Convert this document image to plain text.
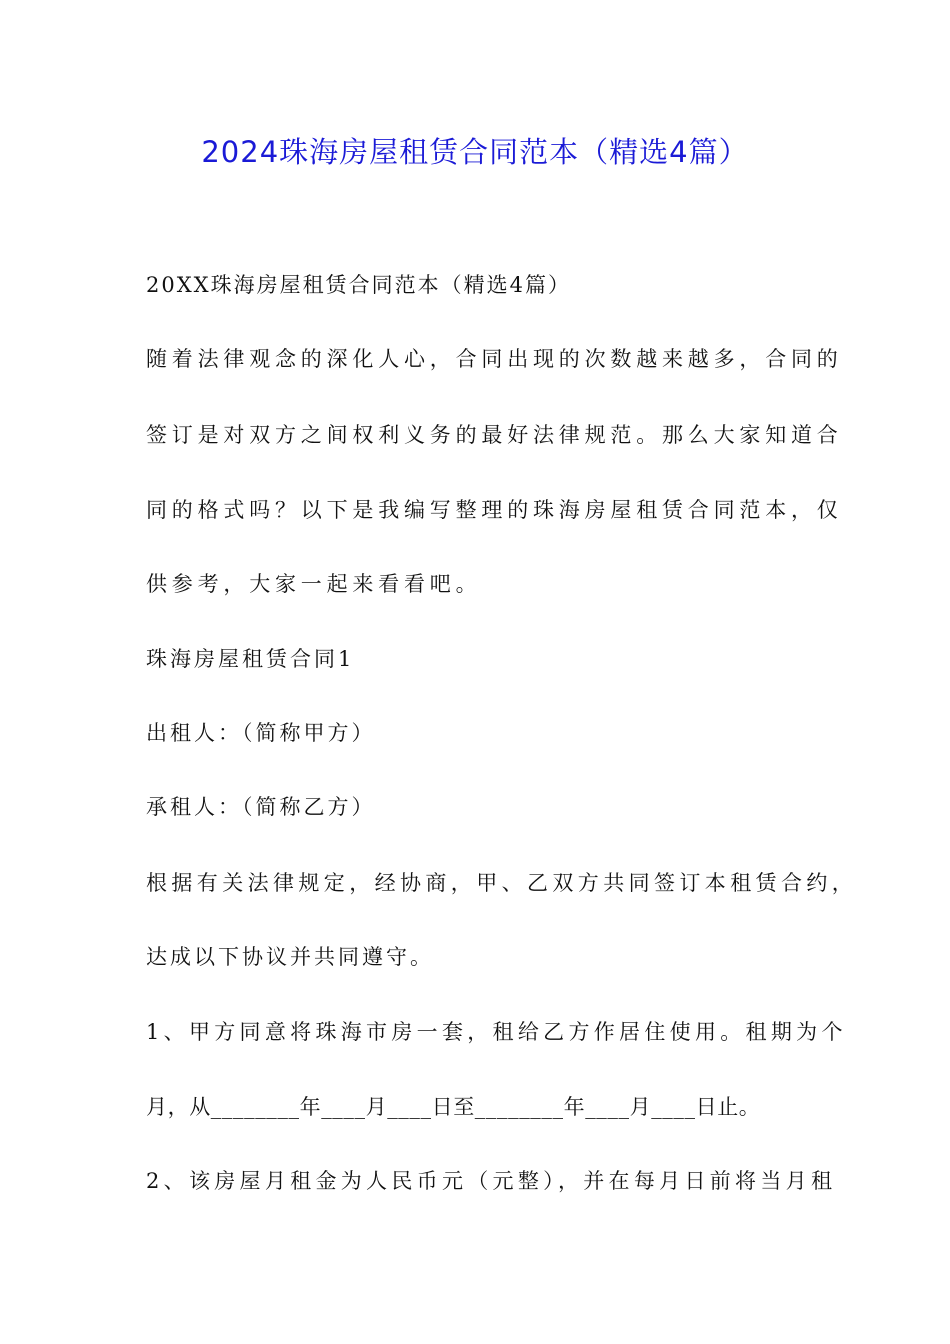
2024珠海房屋租赁合同范本（精选4篇）
20XX珠海房屋租赁合同范本（精选4篇）
随着法律观念的深化人心，合同出现的次数越来越多，合同的
签订是对双方之间权利义务的最好法律规范。那么大家知道合
同的格式吗？以下是我编写整理的珠海房屋租赁合同范本，仅
供参考，大家一起来看看吧。
珠海房屋租赁合同1
出租人：（简称甲方）
承租人：（简称乙方）
根据有关法律规定，经协商，甲、乙双方共同签订本租赁合约，
达成以下协议并共同遵守。
1、甲方同意将珠海市房一套，租给乙方作居住使用。租期为个
月，从________年____月____日至________年____月____日止。
2、该房屋月租金为人民币元（元整），并在每月日前将当月租
